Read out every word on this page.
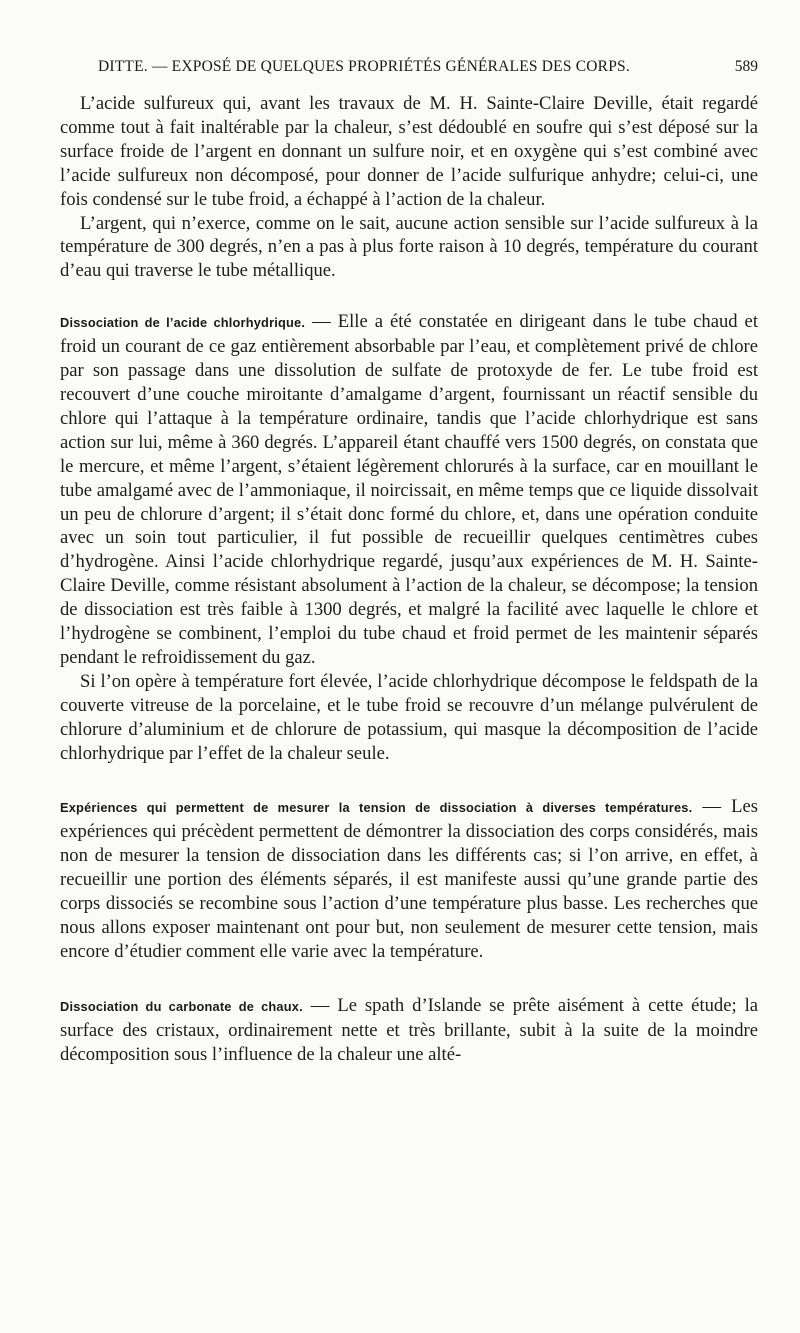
DITTE. — EXPOSÉ DE QUELQUES PROPRIÉTÉS GÉNÉRALES DES CORPS.	589

L’acide sulfureux qui, avant les travaux de M. H. Sainte-Claire Deville, était regardé comme tout à fait inaltérable par la chaleur, s’est dédoublé en soufre qui s’est déposé sur la surface froide de l’argent en donnant un sulfure noir, et en oxygène qui s’est combiné avec l’acide sulfureux non décomposé, pour donner de l’acide sulfurique anhydre; celui-ci, une fois condensé sur le tube froid, a échappé à l’action de la chaleur.

L’argent, qui n’exerce, comme on le sait, aucune action sensible sur l’acide sulfureux à la température de 300 degrés, n’en a pas à plus forte raison à 10 degrés, température du courant d’eau qui traverse le tube métallique.

Dissociation de l’acide chlorhydrique. — Elle a été constatée en dirigeant dans le tube chaud et froid un courant de ce gaz entièrement absorbable par l’eau, et complètement privé de chlore par son passage dans une dissolution de sulfate de protoxyde de fer. Le tube froid est recouvert d’une couche miroitante d’amalgame d’argent, fournissant un réactif sensible du chlore qui l’attaque à la température ordinaire, tandis que l’acide chlorhydrique est sans action sur lui, même à 360 degrés. L’appareil étant chauffé vers 1500 degrés, on constata que le mercure, et même l’argent, s’étaient légèrement chlorurés à la surface, car en mouillant le tube amalgamé avec de l’ammoniaque, il noircissait, en même temps que ce liquide dissolvait un peu de chlorure d’argent; il s’était donc formé du chlore, et, dans une opération conduite avec un soin tout particulier, il fut possible de recueillir quelques centimètres cubes d’hydrogène. Ainsi l’acide chlorhydrique regardé, jusqu’aux expériences de M. H. Sainte-Claire Deville, comme résistant absolument à l’action de la chaleur, se décompose; la tension de dissociation est très faible à 1300 degrés, et malgré la facilité avec laquelle le chlore et l’hydrogène se combinent, l’emploi du tube chaud et froid permet de les maintenir séparés pendant le refroidissement du gaz.

Si l’on opère à température fort élevée, l’acide chlorhydrique décompose le feldspath de la couverte vitreuse de la porcelaine, et le tube froid se recouvre d’un mélange pulvérulent de chlorure d’aluminium et de chlorure de potassium, qui masque la décomposition de l’acide chlorhydrique par l’effet de la chaleur seule.

Expériences qui permettent de mesurer la tension de dissociation à diverses températures. — Les expériences qui précèdent permettent de démontrer la dissociation des corps considérés, mais non de mesurer la tension de dissociation dans les différents cas; si l’on arrive, en effet, à recueillir une portion des éléments séparés, il est manifeste aussi qu’une grande partie des corps dissociés se recombine sous l’action d’une température plus basse. Les recherches que nous allons exposer maintenant ont pour but, non seulement de mesurer cette tension, mais encore d’étudier comment elle varie avec la température.

Dissociation du carbonate de chaux. — Le spath d’Islande se prête aisément à cette étude; la surface des cristaux, ordinairement nette et très brillante, subit à la suite de la moindre décomposition sous l’influence de la chaleur une alté-
